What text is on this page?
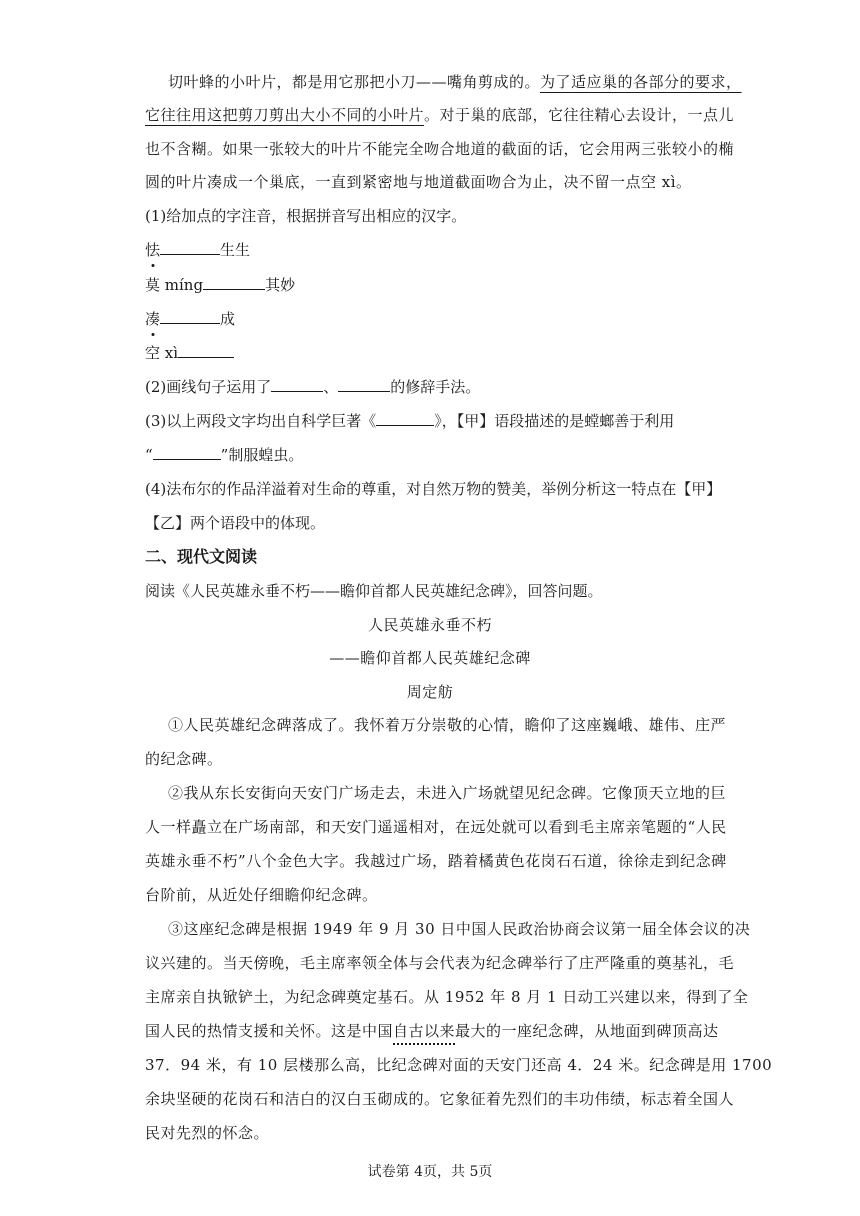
切叶蜂的小叶片，都是用它那把小刀——嘴角剪成的。为了适应巢的各部分的要求，
它往往用这把剪刀剪出大小不同的小叶片。对于巢的底部，它往往精心去设计，一点儿
也不含糊。如果一张较大的叶片不能完全吻合地道的截面的话，它会用两三张较小的椭
圆的叶片凑成一个巢底，一直到紧密地与地道截面吻合为止，决不留一点空 xì。
(1)给加点的字注音，根据拼音写出相应的汉字。
怯	生生
莫 míng	其妙
凑	成
空 xì
(2)画线句子运用了	、	的修辞手法。
(3)以上两段文字均出自科学巨著《	》，【甲】语段描述的是螳螂善于利用
“	”制服蝗虫。
(4)法布尔的作品洋溢着对生命的尊重，对自然万物的赞美，举例分析这一特点在【甲】
【乙】两个语段中的体现。
二、现代文阅读
阅读《人民英雄永垂不朽——瞻仰首都人民英雄纪念碑》，回答问题。
人民英雄永垂不朽
——瞻仰首都人民英雄纪念碑
周定舫
①人民英雄纪念碑落成了。我怀着万分崇敬的心情，瞻仰了这座巍峨、雄伟、庄严
的纪念碑。
②我从东长安街向天安门广场走去，未进入广场就望见纪念碑。它像顶天立地的巨
人一样矗立在广场南部，和天安门遥遥相对，在远处就可以看到毛主席亲笔题的“人民
英雄永垂不朽”八个金色大字。我越过广场，踏着橘黄色花岗石石道，徐徐走到纪念碑
台阶前，从近处仔细瞻仰纪念碑。
③这座纪念碑是根据 1949 年 9 月 30 日中国人民政治协商会议第一届全体会议的决
议兴建的。当天傍晚，毛主席率领全体与会代表为纪念碑举行了庄严隆重的奠基礼，毛
主席亲自执锨铲土，为纪念碑奠定基石。从 1952 年 8 月 1 日动工兴建以来，得到了全
国人民的热情支援和关怀。这是中国自古以来最大的一座纪念碑，从地面到碑顶高达
37．94 米，有 10 层楼那么高，比纪念碑对面的天安门还高 4．24 米。纪念碑是用 1700
余块坚硬的花岗石和洁白的汉白玉砌成的。它象征着先烈们的丰功伟绩，标志着全国人
民对先烈的怀念。
试卷第 4页，共 5页
